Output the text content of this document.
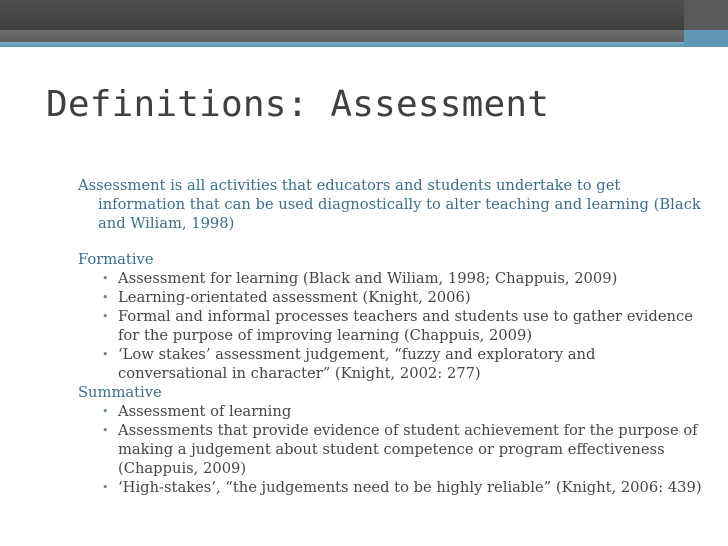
Definitions: Assessment

Assessment is all activities that educators and students undertake to get information that can be used diagnostically to alter teaching and learning (Black and Wiliam, 1998)

Formative

• Assessment for learning (Black and Wiliam, 1998; Chappuis, 2009)
• Learning-orientated assessment (Knight, 2006)
• Formal and informal processes teachers and students use to gather evidence for the purpose of improving learning (Chappuis, 2009)
• ‘Low stakes’ assessment judgement, “fuzzy and exploratory and conversational in character” (Knight, 2002: 277)

Summative

• Assessment of learning
• Assessments that provide evidence of student achievement for the purpose of making a judgement about student competence or program effectiveness (Chappuis, 2009)
• ‘High-stakes’, “the judgements need to be highly reliable” (Knight, 2006: 439)
